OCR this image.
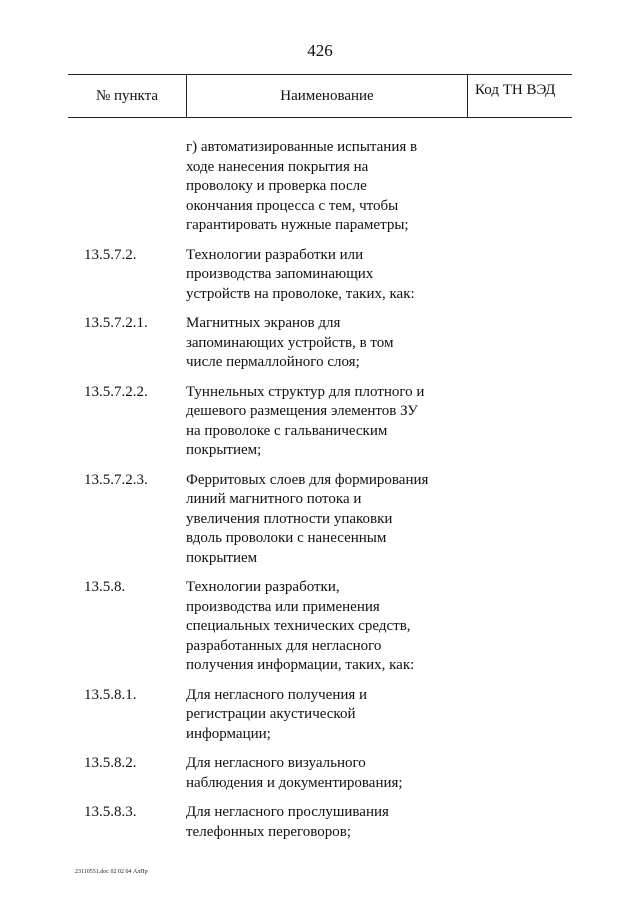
426
№ пункта	Наименование	Код ТН ВЭД
г) автоматизированные испытания в
ходе нанесения покрытия на
проволоку и проверка после
окончания процесса с тем, чтобы
гарантировать нужные параметры;
13.5.7.2.	Технологии разработки или
производства запоминающих
устройств на проволоке, таких, как:
13.5.7.2.1.	Магнитных экранов для
запоминающих устройств, в том
числе пермаллойного слоя;
13.5.7.2.2.	Туннельных структур для плотного и
дешевого размещения элементов ЗУ
на проволоке с гальваническим
покрытием;
13.5.7.2.3.	Ферритовых слоев для формирования
линий магнитного потока и
увеличения плотности упаковки
вдоль проволоки с нанесенным
покрытием
13.5.8.	Технологии разработки,
производства или применения
специальных технических средств,
разработанных для негласного
получения информации, таких, как:
13.5.8.1.	Для негласного получения и
регистрации акустической
информации;
13.5.8.2.	Для негласного визуального
наблюдения и документирования;
13.5.8.3.	Для негласного прослушивания
телефонных переговоров;
23110551.doc 02 02 04 АлПр
